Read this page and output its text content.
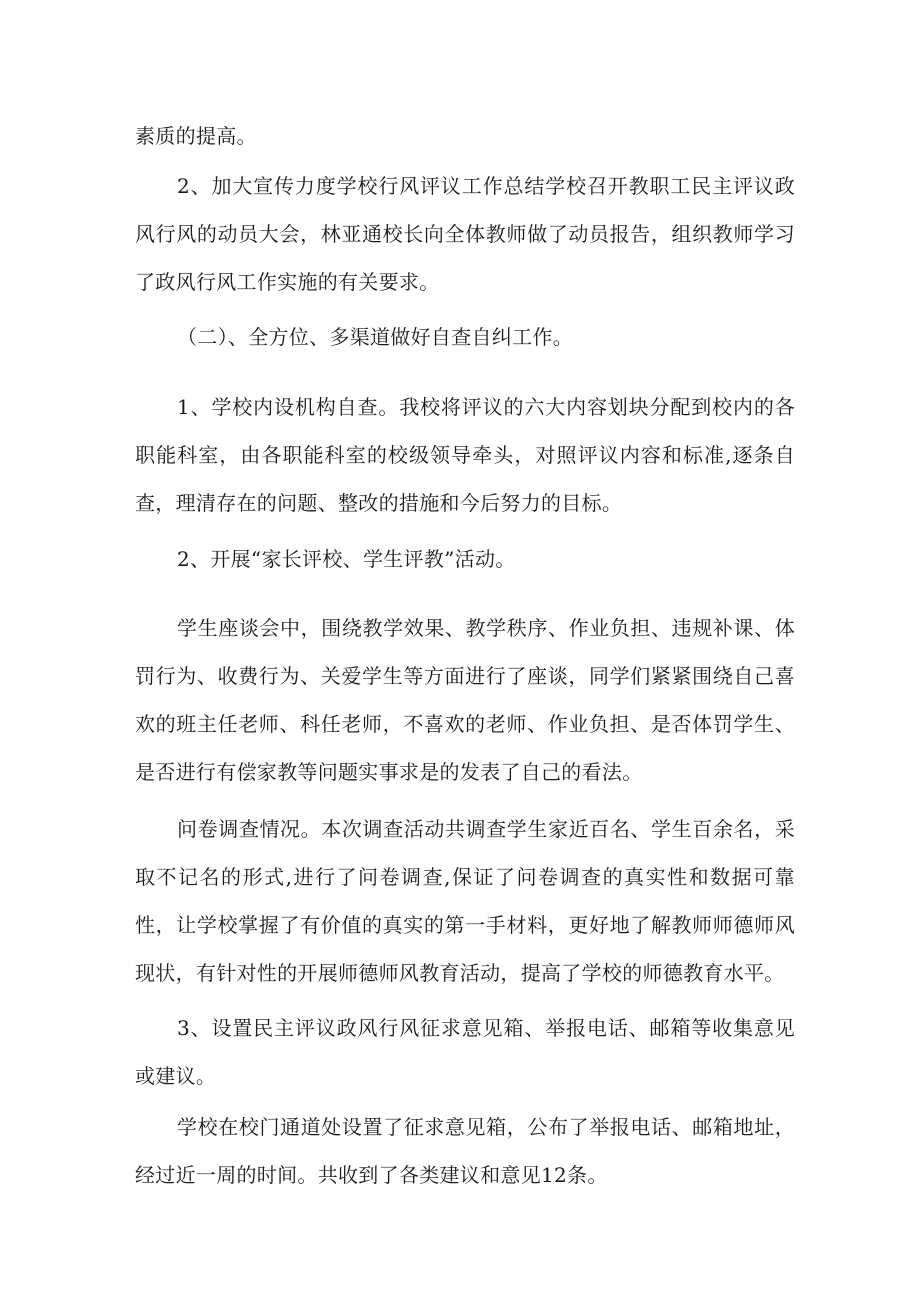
素质的提高。

2、加大宣传力度学校行风评议工作总结学校召开教职工民主评议政风行风的动员大会，林亚通校长向全体教师做了动员报告，组织教师学习了政风行风工作实施的有关要求。

（二）、全方位、多渠道做好自查自纠工作。

1、学校内设机构自查。我校将评议的六大内容划块分配到校内的各职能科室，由各职能科室的校级领导牵头，对照评议内容和标准,逐条自查，理清存在的问题、整改的措施和今后努力的目标。

2、开展“家长评校、学生评教”活动。

学生座谈会中，围绕教学效果、教学秩序、作业负担、违规补课、体罚行为、收费行为、关爱学生等方面进行了座谈，同学们紧紧围绕自己喜欢的班主任老师、科任老师，不喜欢的老师、作业负担、是否体罚学生、是否进行有偿家教等问题实事求是的发表了自己的看法。

问卷调查情况。本次调查活动共调查学生家近百名、学生百余名，采取不记名的形式,进行了问卷调查,保证了问卷调查的真实性和数据可靠性，让学校掌握了有价值的真实的第一手材料，更好地了解教师师德师风现状，有针对性的开展师德师风教育活动，提高了学校的师德教育水平。

3、设置民主评议政风行风征求意见箱、举报电话、邮箱等收集意见或建议。

学校在校门通道处设置了征求意见箱，公布了举报电话、邮箱地址，经过近一周的时间。共收到了各类建议和意见12条。
